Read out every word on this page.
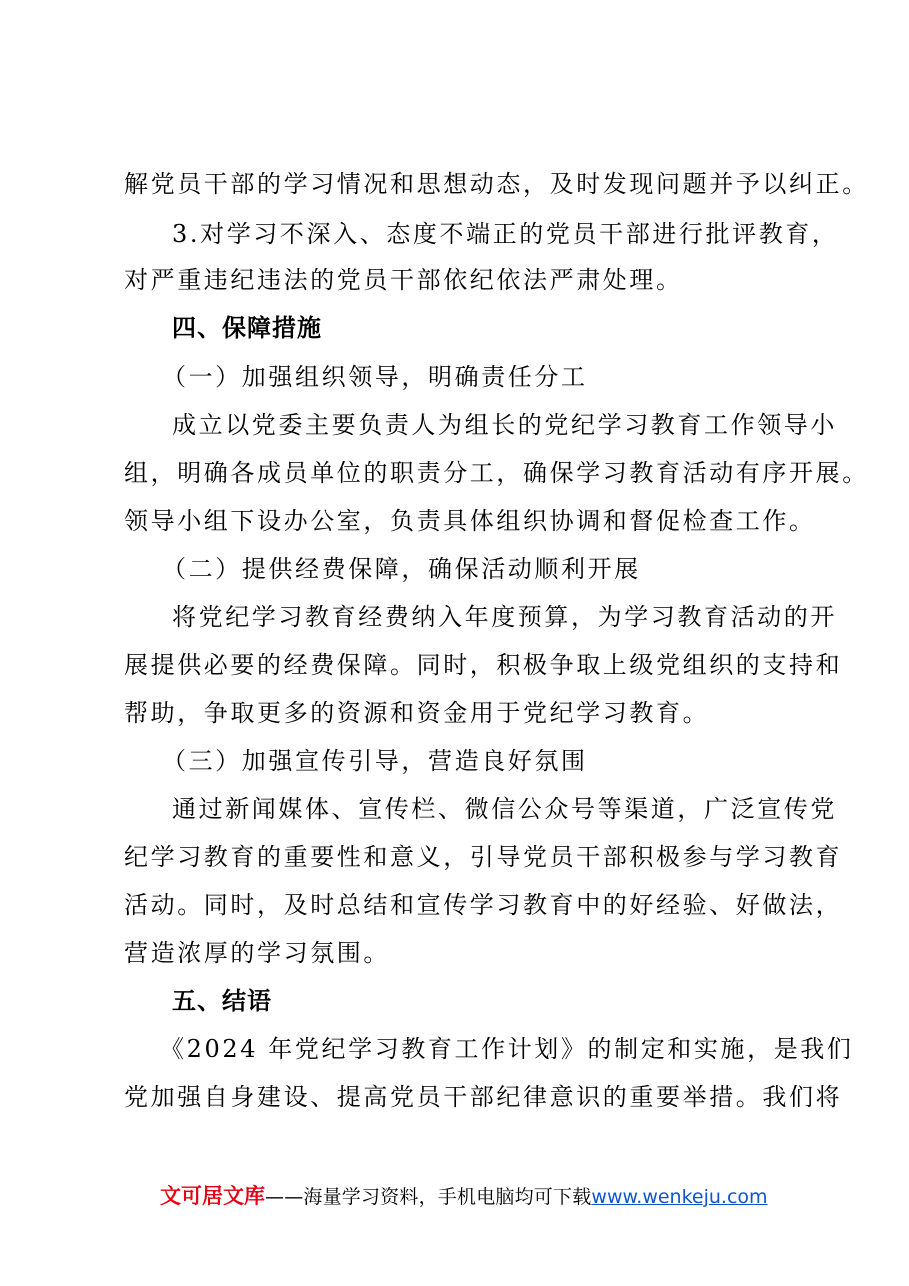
解党员干部的学习情况和思想动态，及时发现问题并予以纠正。
3.对学习不深入、态度不端正的党员干部进行批评教育，
对严重违纪违法的党员干部依纪依法严肃处理。
四、保障措施
（一）加强组织领导，明确责任分工
成立以党委主要负责人为组长的党纪学习教育工作领导小
组，明确各成员单位的职责分工，确保学习教育活动有序开展。
领导小组下设办公室，负责具体组织协调和督促检查工作。
（二）提供经费保障，确保活动顺利开展
将党纪学习教育经费纳入年度预算，为学习教育活动的开
展提供必要的经费保障。同时，积极争取上级党组织的支持和
帮助，争取更多的资源和资金用于党纪学习教育。
（三）加强宣传引导，营造良好氛围
通过新闻媒体、宣传栏、微信公众号等渠道，广泛宣传党
纪学习教育的重要性和意义，引导党员干部积极参与学习教育
活动。同时，及时总结和宣传学习教育中的好经验、好做法，
营造浓厚的学习氛围。
五、结语
《2024 年党纪学习教育工作计划》的制定和实施，是我们
党加强自身建设、提高党员干部纪律意识的重要举措。我们将
文可居文库——海量学习资料，手机电脑均可下载www.wenkeju.com
